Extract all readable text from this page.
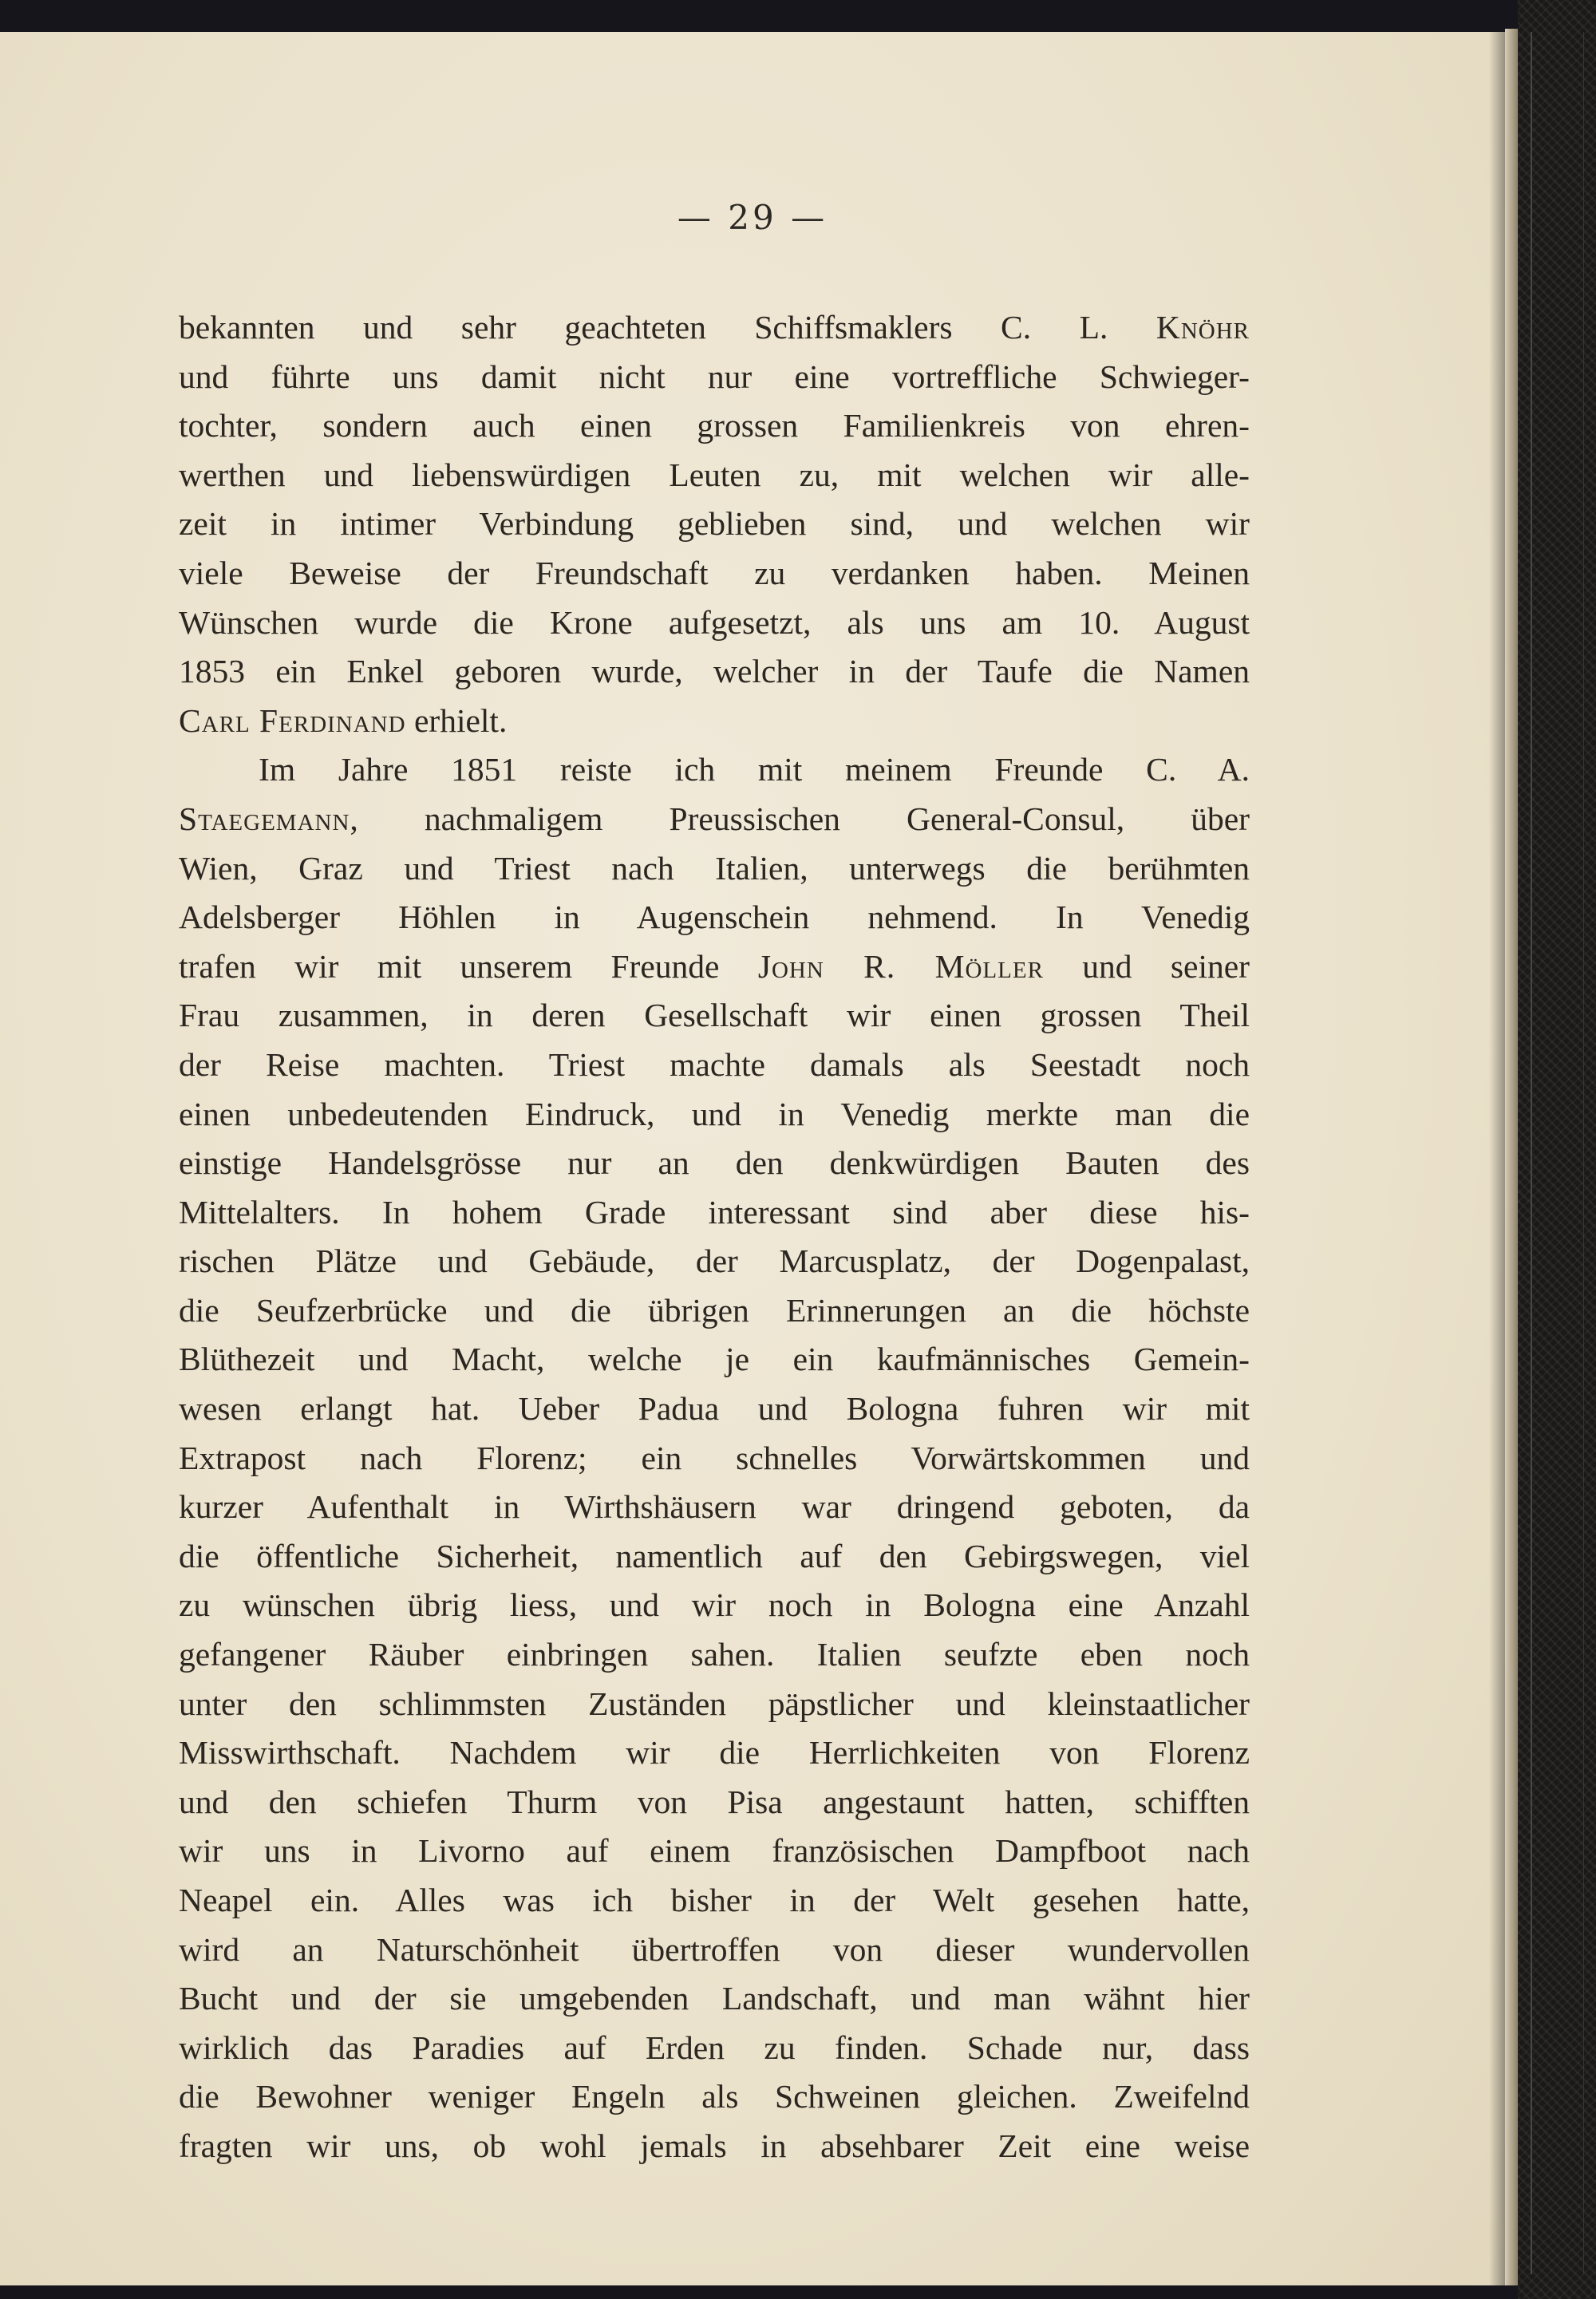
— 29 —
bekannten und sehr geachteten Schiffsmaklers C. L. Knöhr
und führte uns damit nicht nur eine vortreffliche Schwieger-
tochter, sondern auch einen grossen Familienkreis von ehren-
werthen und liebenswürdigen Leuten zu, mit welchen wir alle-
zeit in intimer Verbindung geblieben sind, und welchen wir
viele Beweise der Freundschaft zu verdanken haben. Meinen
Wünschen wurde die Krone aufgesetzt, als uns am 10. August
1853 ein Enkel geboren wurde, welcher in der Taufe die Namen
Carl Ferdinand erhielt.
Im Jahre 1851 reiste ich mit meinem Freunde C. A.
Staegemann, nachmaligem Preussischen General-Consul, über
Wien, Graz und Triest nach Italien, unterwegs die berühmten
Adelsberger Höhlen in Augenschein nehmend. In Venedig
trafen wir mit unserem Freunde John R. Möller und seiner
Frau zusammen, in deren Gesellschaft wir einen grossen Theil
der Reise machten. Triest machte damals als Seestadt noch
einen unbedeutenden Eindruck, und in Venedig merkte man die
einstige Handelsgrösse nur an den denkwürdigen Bauten des
Mittelalters. In hohem Grade interessant sind aber diese his-
rischen Plätze und Gebäude, der Marcusplatz, der Dogenpalast,
die Seufzerbrücke und die übrigen Erinnerungen an die höchste
Blüthezeit und Macht, welche je ein kaufmännisches Gemein-
wesen erlangt hat. Ueber Padua und Bologna fuhren wir mit
Extrapost nach Florenz; ein schnelles Vorwärtskommen und
kurzer Aufenthalt in Wirthshäusern war dringend geboten, da
die öffentliche Sicherheit, namentlich auf den Gebirgswegen, viel
zu wünschen übrig liess, und wir noch in Bologna eine Anzahl
gefangener Räuber einbringen sahen. Italien seufzte eben noch
unter den schlimmsten Zuständen päpstlicher und kleinstaatlicher
Misswirthschaft. Nachdem wir die Herrlichkeiten von Florenz
und den schiefen Thurm von Pisa angestaunt hatten, schifften
wir uns in Livorno auf einem französischen Dampfboot nach
Neapel ein. Alles was ich bisher in der Welt gesehen hatte,
wird an Naturschönheit übertroffen von dieser wundervollen
Bucht und der sie umgebenden Landschaft, und man wähnt hier
wirklich das Paradies auf Erden zu finden. Schade nur, dass
die Bewohner weniger Engeln als Schweinen gleichen. Zweifelnd
fragten wir uns, ob wohl jemals in absehbarer Zeit eine weise
